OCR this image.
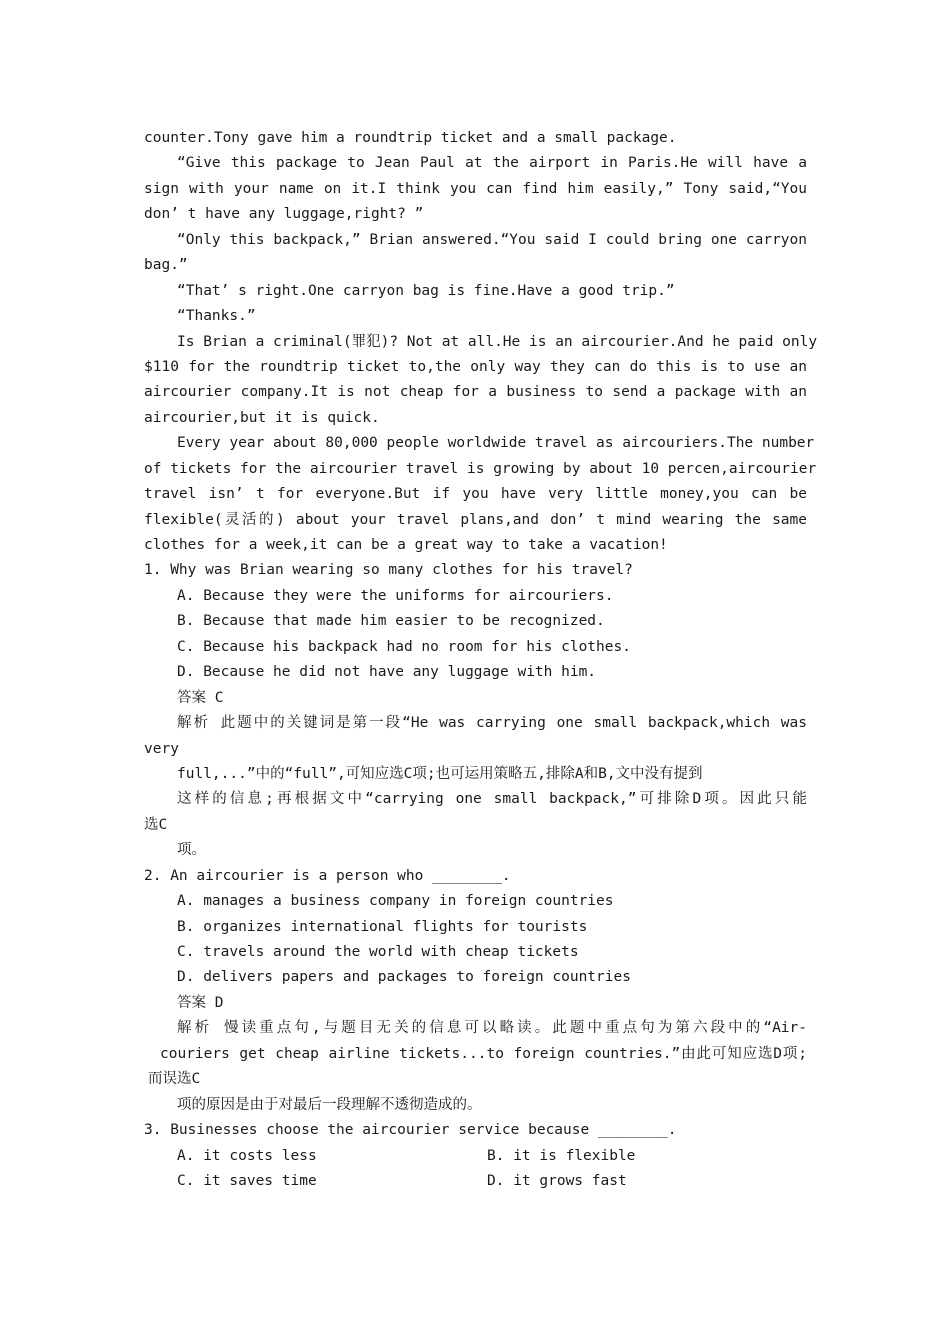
counter.Tony gave him a roundtrip ticket and a small package.
“Give this package to Jean Paul at the airport in Paris.He will have a
sign with your name on it.I think you can find him easily,” Tony said,“You
don’ t have any luggage,right? ”
“Only this backpack,” Brian answered.“You said I could bring one carryon
bag.”
“That’ s right.One carryon bag is fine.Have a good trip.”
“Thanks.”
Is Brian a criminal(罪犯)? Not at all.He is an aircourier.And he paid only
$110 for the roundtrip ticket to,the only way they can do this is to use an
aircourier company.It is not cheap for a business to send a package with an
aircourier,but it is quick.
Every year about 80,000 people worldwide travel as aircouriers.The number
of tickets for the aircourier travel is growing by about 10 percen,aircourier
travel isn’ t for everyone.But if you have very little money,you can be
flexible(灵活的) about your travel plans,and don’ t mind wearing the same
clothes for a week,it can be a great way to take a vacation!
1. Why was Brian wearing so many clothes for his travel?
A. Because they were the uniforms for aircouriers.
B. Because that made him easier to be recognized.
C. Because his backpack had no room for his clothes.
D. Because he did not have any luggage with him.
答案 C
解析 此题中的关键词是第一段“He was carrying one small backpack,which was
very
full,...”中的“full”,可知应选C项;也可运用策略五,排除A和B,文中没有提到
这样的信息;再根据文中“carrying one small backpack,”可排除D项。因此只能
选C
项。
2. An aircourier is a person who ________.
A. manages a business company in foreign countries
B. organizes international flights for tourists
C. travels around the world with cheap tickets
D. delivers papers and packages to foreign countries
答案 D
解析 慢读重点句,与题目无关的信息可以略读。此题中重点句为第六段中的“Air-
couriers get cheap airline tickets...to foreign countries.”由此可知应选D项;
而误选C
项的原因是由于对最后一段理解不透彻造成的。
3. Businesses choose the aircourier service because ________.
A. it costs less	B. it is flexible
C. it saves time	D. it grows fast
